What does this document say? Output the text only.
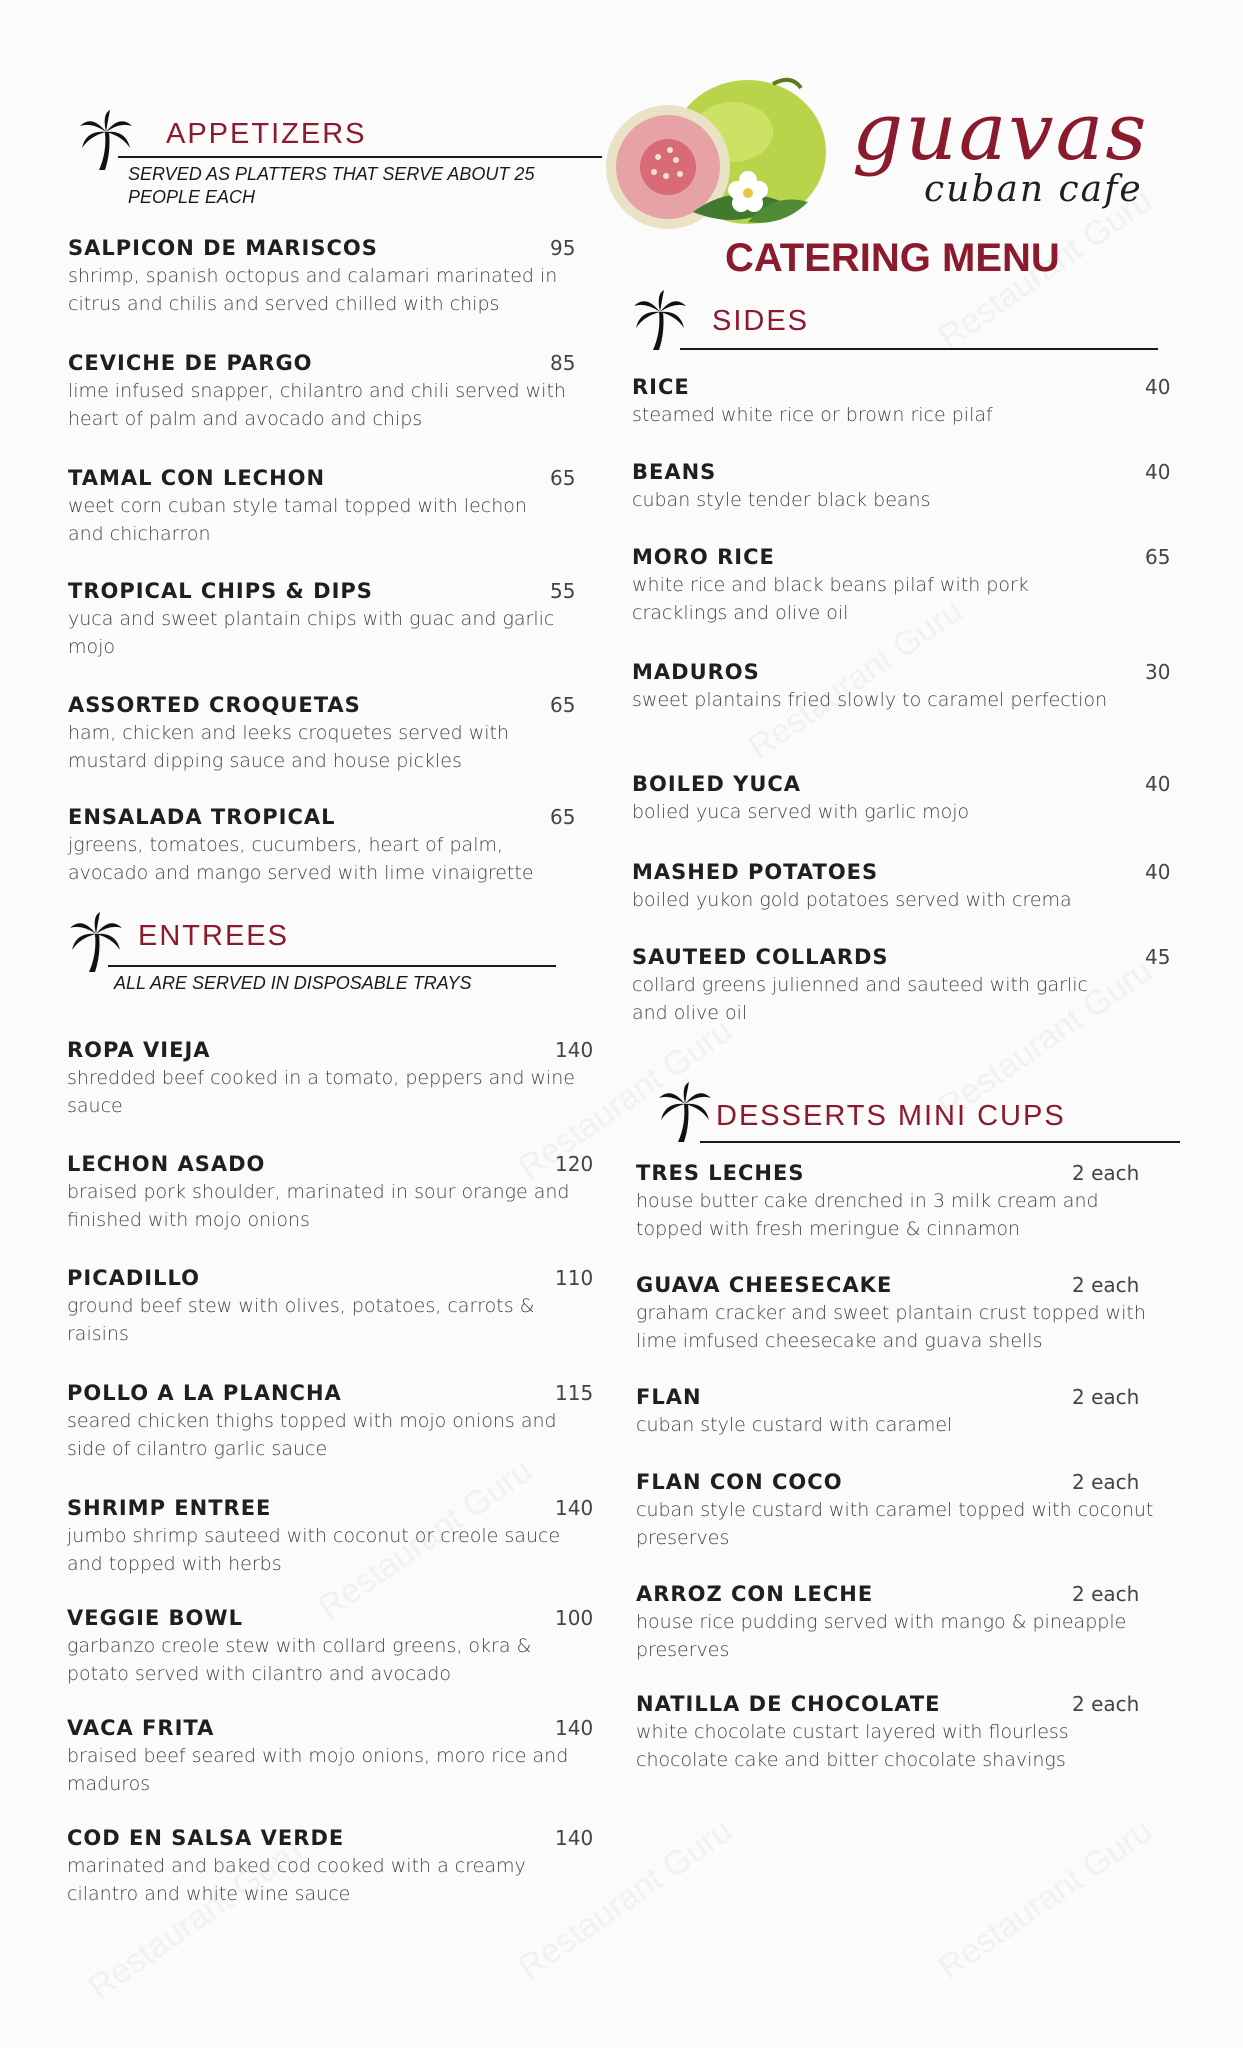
guavas
cuban cafe
CATERING MENU
APPETIZERS
SERVED AS PLATTERS THAT SERVE ABOUT 25 PEOPLE EACH
SALPICON DE MARISCOS	95
shrimp, spanish octopus and calamari marinated in citrus and chilis and served chilled with chips
CEVICHE DE PARGO	85
lime infused snapper, chilantro and chili served with heart of palm and avocado and chips
TAMAL CON LECHON	65
weet corn cuban style tamal topped with lechon and chicharron
TROPICAL CHIPS & DIPS	55
yuca and sweet plantain chips with guac and garlic mojo
ASSORTED CROQUETAS	65
ham, chicken and leeks croquetes served with mustard dipping sauce and house pickles
ENSALADA TROPICAL	65
jgreens, tomatoes, cucumbers, heart of palm, avocado and mango served with lime vinaigrette
ENTREES
ALL ARE SERVED IN DISPOSABLE TRAYS
ROPA VIEJA	140
shredded beef cooked in a tomato, peppers and wine sauce
LECHON ASADO	120
braised pork shoulder, marinated in sour orange and finished with mojo onions
PICADILLO	110
ground beef stew with olives, potatoes, carrots & raisins
POLLO A LA PLANCHA	115
seared chicken thighs topped with mojo onions and side of cilantro garlic sauce
SHRIMP ENTREE	140
jumbo shrimp sauteed with coconut or creole sauce and topped with herbs
VEGGIE BOWL	100
garbanzo creole stew with collard greens, okra & potato served with cilantro and avocado
VACA FRITA	140
braised beef seared with mojo onions, moro rice and maduros
COD EN SALSA VERDE	140
marinated and baked cod cooked with a creamy cilantro and white wine sauce
SIDES
RICE	40
steamed white rice or brown rice pilaf
BEANS	40
cuban style tender black beans
MORO RICE	65
white rice and black beans pilaf with pork cracklings and olive oil
MADUROS	30
sweet plantains fried slowly to caramel perfection
BOILED YUCA	40
bolied yuca served with garlic mojo
MASHED POTATOES	40
boiled yukon gold potatoes served with crema
SAUTEED COLLARDS	45
collard greens julienned and sauteed with garlic and olive oil
DESSERTS MINI CUPS
TRES LECHES	2 each
house butter cake drenched in 3 milk cream and topped with fresh meringue & cinnamon
GUAVA CHEESECAKE	2 each
graham cracker and sweet plantain crust topped with lime imfused cheesecake and guava shells
FLAN	2 each
cuban style custard with caramel
FLAN CON COCO	2 each
cuban style custard with caramel topped with coconut preserves
ARROZ CON LECHE	2 each
house rice pudding served with mango & pineapple preserves
NATILLA DE CHOCOLATE	2 each
white chocolate custart layered with flourless chocolate cake and bitter chocolate shavings
